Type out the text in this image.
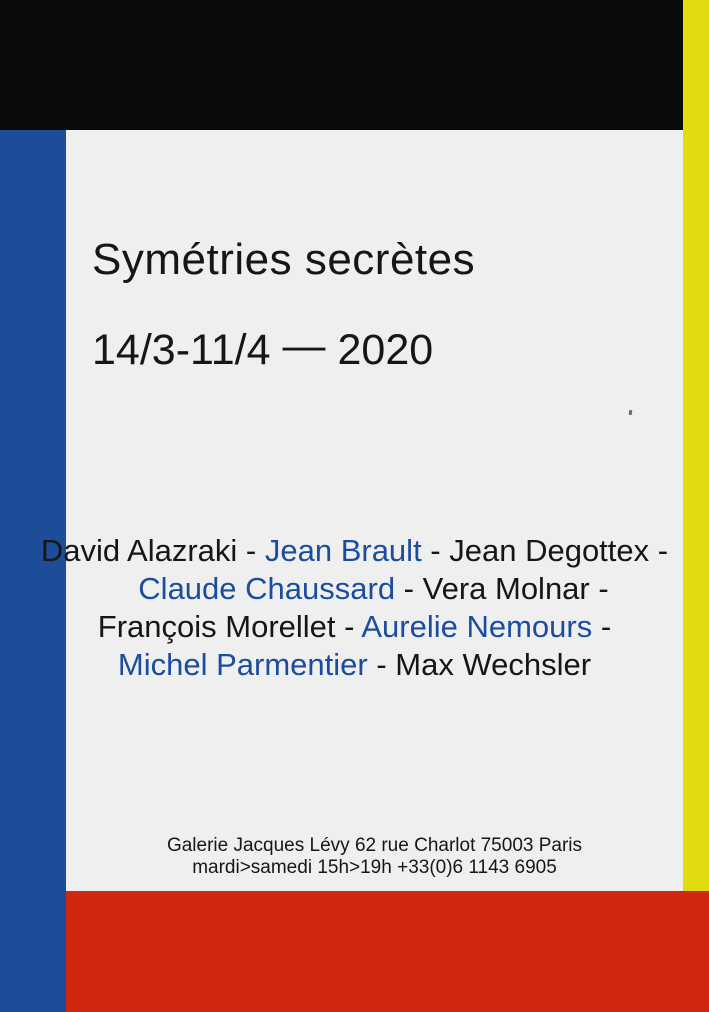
Symétries secrètes
14/3-11/4 — 2020
David Alazraki - Jean Brault - Jean Degottex -
Claude Chaussard - Vera Molnar -
François Morellet - Aurelie Nemours -
Michel Parmentier - Max Wechsler
Galerie Jacques Lévy 62 rue Charlot 75003 Paris
mardi>samedi 15h>19h +33(0)6 1143 6905
